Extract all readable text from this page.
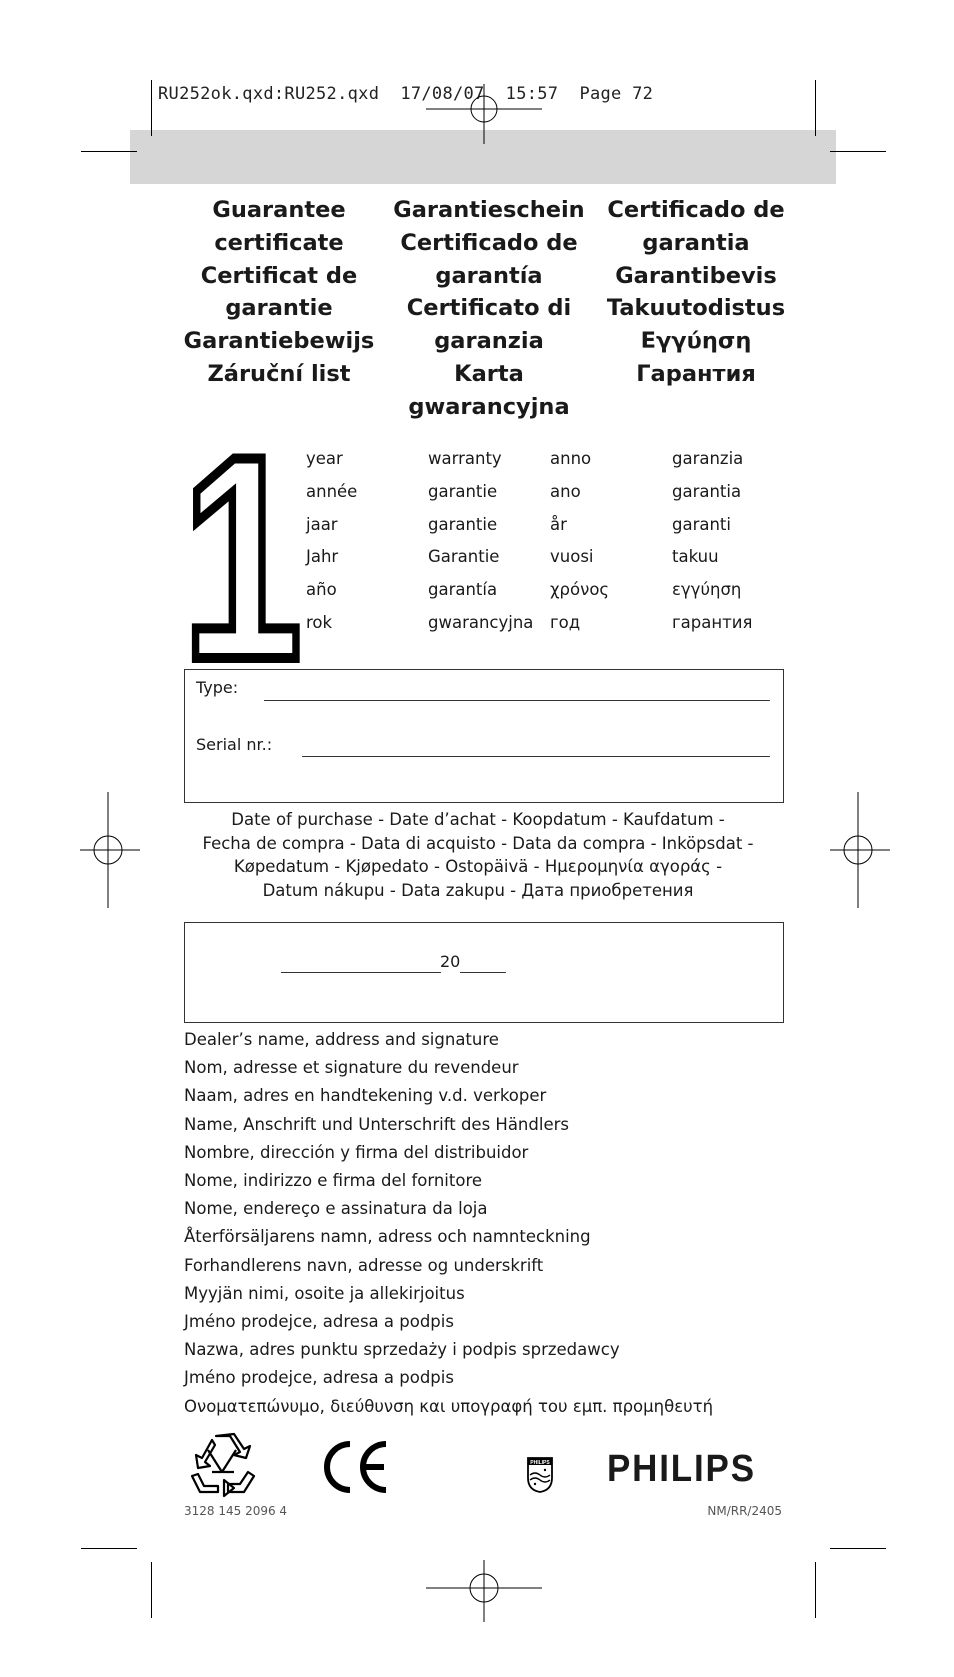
RU252ok.qxd:RU252.qxd 17/08/07 15:57 Page 72
Guarantee
certificate
Certificat de
garantie
Garantiebewijs
Záruční list
Garantieschein
Certificado de
garantía
Certificato di
garanzia
Karta
gwarancyjna
Certificado de
garantia
Garantibevis
Takuutodistus
Εγγύηση
Гарантия
1 year
année
jaar
Jahr
año
rok
warranty
garantie
garantie
Garantie
garantía
gwarancyjna
anno
ano
år
vuosi
χρόνος
год
garanzia
garantia
garanti
takuu
εγγύηση
гарантия
Type:
Serial nr.:
Date of purchase - Date d’achat - Koopdatum - Kaufdatum -
Fecha de compra - Data di acquisto - Data da compra - Inköpsdat -
Køpedatum - Kjøpedato - Ostopäivä - Ημερομηνία αγοράς -
Datum nákupu - Data zakupu - Дата приобретения
20
Dealer’s name, address and signature
Nom, adresse et signature du revendeur
Naam, adres en handtekening v.d. verkoper
Name, Anschrift und Unterschrift des Händlers
Nombre, dirección y firma del distribuidor
Nome, indirizzo e firma del fornitore
Nome, endereço e assinatura da loja
Återförsäljarens namn, adress och namnteckning
Forhandlerens navn, adresse og underskrift
Myyjän nimi, osoite ja allekirjoitus
Jméno prodejce, adresa a podpis
Nazwa, adres punktu sprzedaży i podpis sprzedawcy
Jméno prodejce, adresa a podpis
Ονοματεπώνυμο, διεύθυνση και υπογραφή του εμπ. προμηθευτή
CE
PHILIPS PHILIPS
3128 145 2096 4	NM/RR/2405
